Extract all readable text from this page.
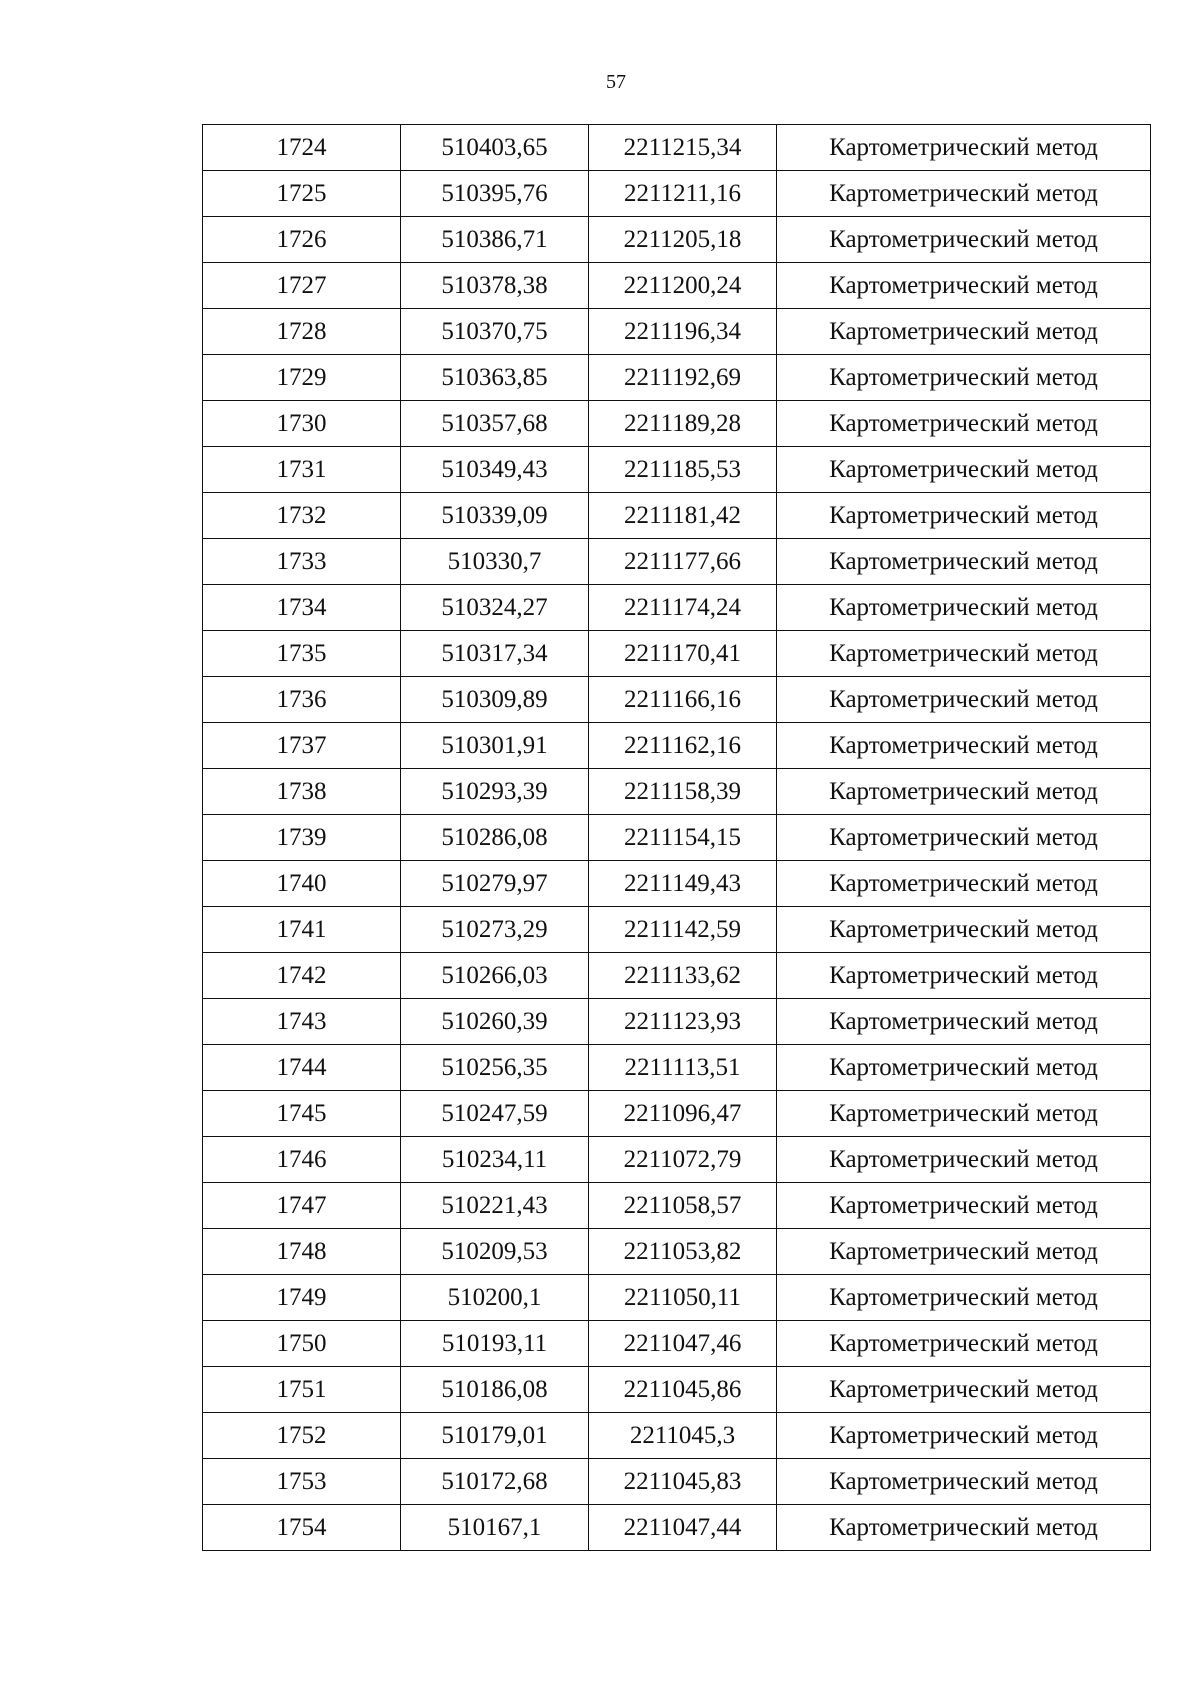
57
1724	510403,65	2211215,34	Картометрический метод
1725	510395,76	2211211,16	Картометрический метод
1726	510386,71	2211205,18	Картометрический метод
1727	510378,38	2211200,24	Картометрический метод
1728	510370,75	2211196,34	Картометрический метод
1729	510363,85	2211192,69	Картометрический метод
1730	510357,68	2211189,28	Картометрический метод
1731	510349,43	2211185,53	Картометрический метод
1732	510339,09	2211181,42	Картометрический метод
1733	510330,7	2211177,66	Картометрический метод
1734	510324,27	2211174,24	Картометрический метод
1735	510317,34	2211170,41	Картометрический метод
1736	510309,89	2211166,16	Картометрический метод
1737	510301,91	2211162,16	Картометрический метод
1738	510293,39	2211158,39	Картометрический метод
1739	510286,08	2211154,15	Картометрический метод
1740	510279,97	2211149,43	Картометрический метод
1741	510273,29	2211142,59	Картометрический метод
1742	510266,03	2211133,62	Картометрический метод
1743	510260,39	2211123,93	Картометрический метод
1744	510256,35	2211113,51	Картометрический метод
1745	510247,59	2211096,47	Картометрический метод
1746	510234,11	2211072,79	Картометрический метод
1747	510221,43	2211058,57	Картометрический метод
1748	510209,53	2211053,82	Картометрический метод
1749	510200,1	2211050,11	Картометрический метод
1750	510193,11	2211047,46	Картометрический метод
1751	510186,08	2211045,86	Картометрический метод
1752	510179,01	2211045,3	Картометрический метод
1753	510172,68	2211045,83	Картометрический метод
1754	510167,1	2211047,44	Картометрический метод
